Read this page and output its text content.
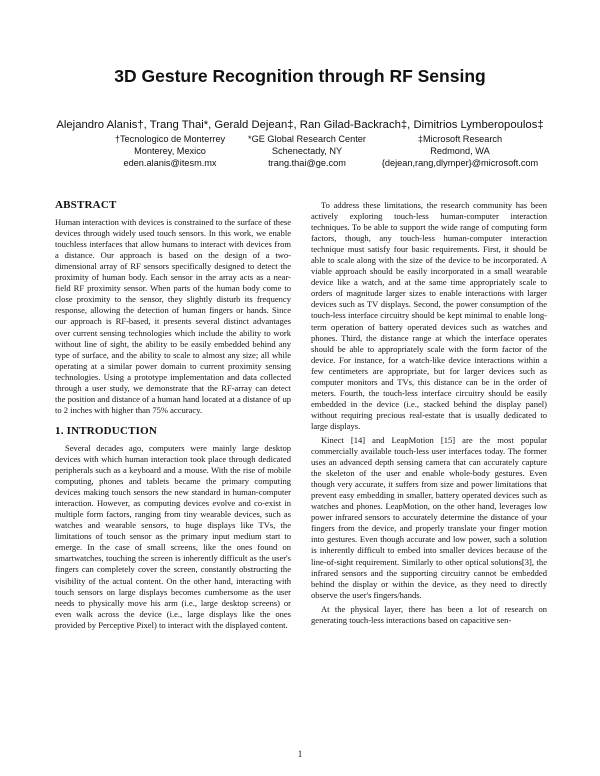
3D Gesture Recognition through RF Sensing
Alejandro Alanis†, Trang Thai*, Gerald Dejean‡, Ran Gilad-Backrach‡, Dimitrios Lymberopoulos‡
†Tecnologico de Monterrey
Monterey, Mexico
eden.alanis@itesm.mx
*GE Global Research Center
Schenectady, NY
trang.thai@ge.com
‡Microsoft Research
Redmond, WA
{dejean,rang,dlymper}@microsoft.com
ABSTRACT

Human interaction with devices is constrained to the surface of these devices through widely used touch sensors. In this work, we enable touchless interfaces that allow humans to interact with devices from a distance. Our approach is based on the design of a two-dimensional array of RF sensors specifically designed to detect the proximity of human body. Each sensor in the array acts as a near-field RF proximity sensor. When parts of the human body come to close proximity to the sensor, they slightly disturb its frequency response, allowing the detection of human fingers or hands. Since our approach is RF-based, it presents several distinct advantages over current sensing technologies which include the ability to work without line of sight, the ability to be easily embedded behind any type of surface, and the ability to scale to almost any size; all while operating at a similar power domain to current proximity sensing technologies. Using a prototype implementation and data collected through a user study, we demonstrate that the RF-array can detect the position and distance of a human hand located at a distance of up to 2 inches with higher than 75% accuracy.

1. INTRODUCTION

Several decades ago, computers were mainly large desktop devices with which human interaction took place through dedicated peripherals such as a keyboard and a mouse. With the rise of mobile computing, phones and tablets became the primary computing devices making touch sensors the new standard in human-computer interaction. However, as computing devices evolve and co-exist in multiple form factors, ranging from tiny wearable devices, such as watches and wearable sensors, to huge displays like TVs, the limitations of touch sensor as the primary input medium start to emerge. In the case of small screens, like the ones found on smartwatches, touching the screen is inherently difficult as the user's fingers can completely cover the screen, constantly obstructing the visibility of the actual content. On the other hand, interacting with touch sensors on large displays becomes cumbersome as the user needs to physically move his arm (i.e., large desktop screens) or even walk across the device (i.e., large displays like the ones provided by Perceptive Pixel) to interact with the displayed content.

To address these limitations, the research community has been actively exploring touch-less human-computer interaction techniques. To be able to support the wide range of computing form factors, though, any touch-less human-computer interaction technique must satisfy four basic requirements. First, it should be able to scale along with the size of the device to be incorporated. A viable approach should be easily incorporated in a small wearable device like a watch, and at the same time appropriately scale to orders of magnitude larger sizes to enable interactions with larger devices such as TV displays. Second, the power consumption of the touch-less interface circuitry should be kept minimal to enable long-term operation of battery operated devices such as watches and phones. Third, the distance range at which the interface operates should be able to appropriately scale with the form factor of the device. For instance, for a watch-like device interactions within a few centimeters are appropriate, but for larger devices such as computer monitors and TVs, this distance can be in the order of meters. Fourth, the touch-less interface circuitry should be easily embedded in the device (i.e., stacked behind the display panel) without requiring precious real-estate that is usually dedicated to large displays.

Kinect [14] and LeapMotion [15] are the most popular commercially available touch-less user interfaces today. The former uses an advanced depth sensing camera that can accurately capture the skeleton of the user and enable whole-body gestures. Even though very accurate, it suffers from size and power limitations that prevent easy embedding in smaller, battery operated devices such as watches and phones. LeapMotion, on the other hand, leverages low power infrared sensors to accurately determine the distance of your fingers from the device, and properly translate your finger motion into gestures. Even though accurate and low power, such a solution is inherently difficult to embed into smaller devices because of the line-of-sight requirement. Similarly to other optical solutions[3], the infrared sensors and the supporting circuitry cannot be embedded behind the display or within the device, as they need to directly observe the user's fingers/hands.

At the physical layer, there has been a lot of research on generating touch-less interactions based on capacitive sen-

1
